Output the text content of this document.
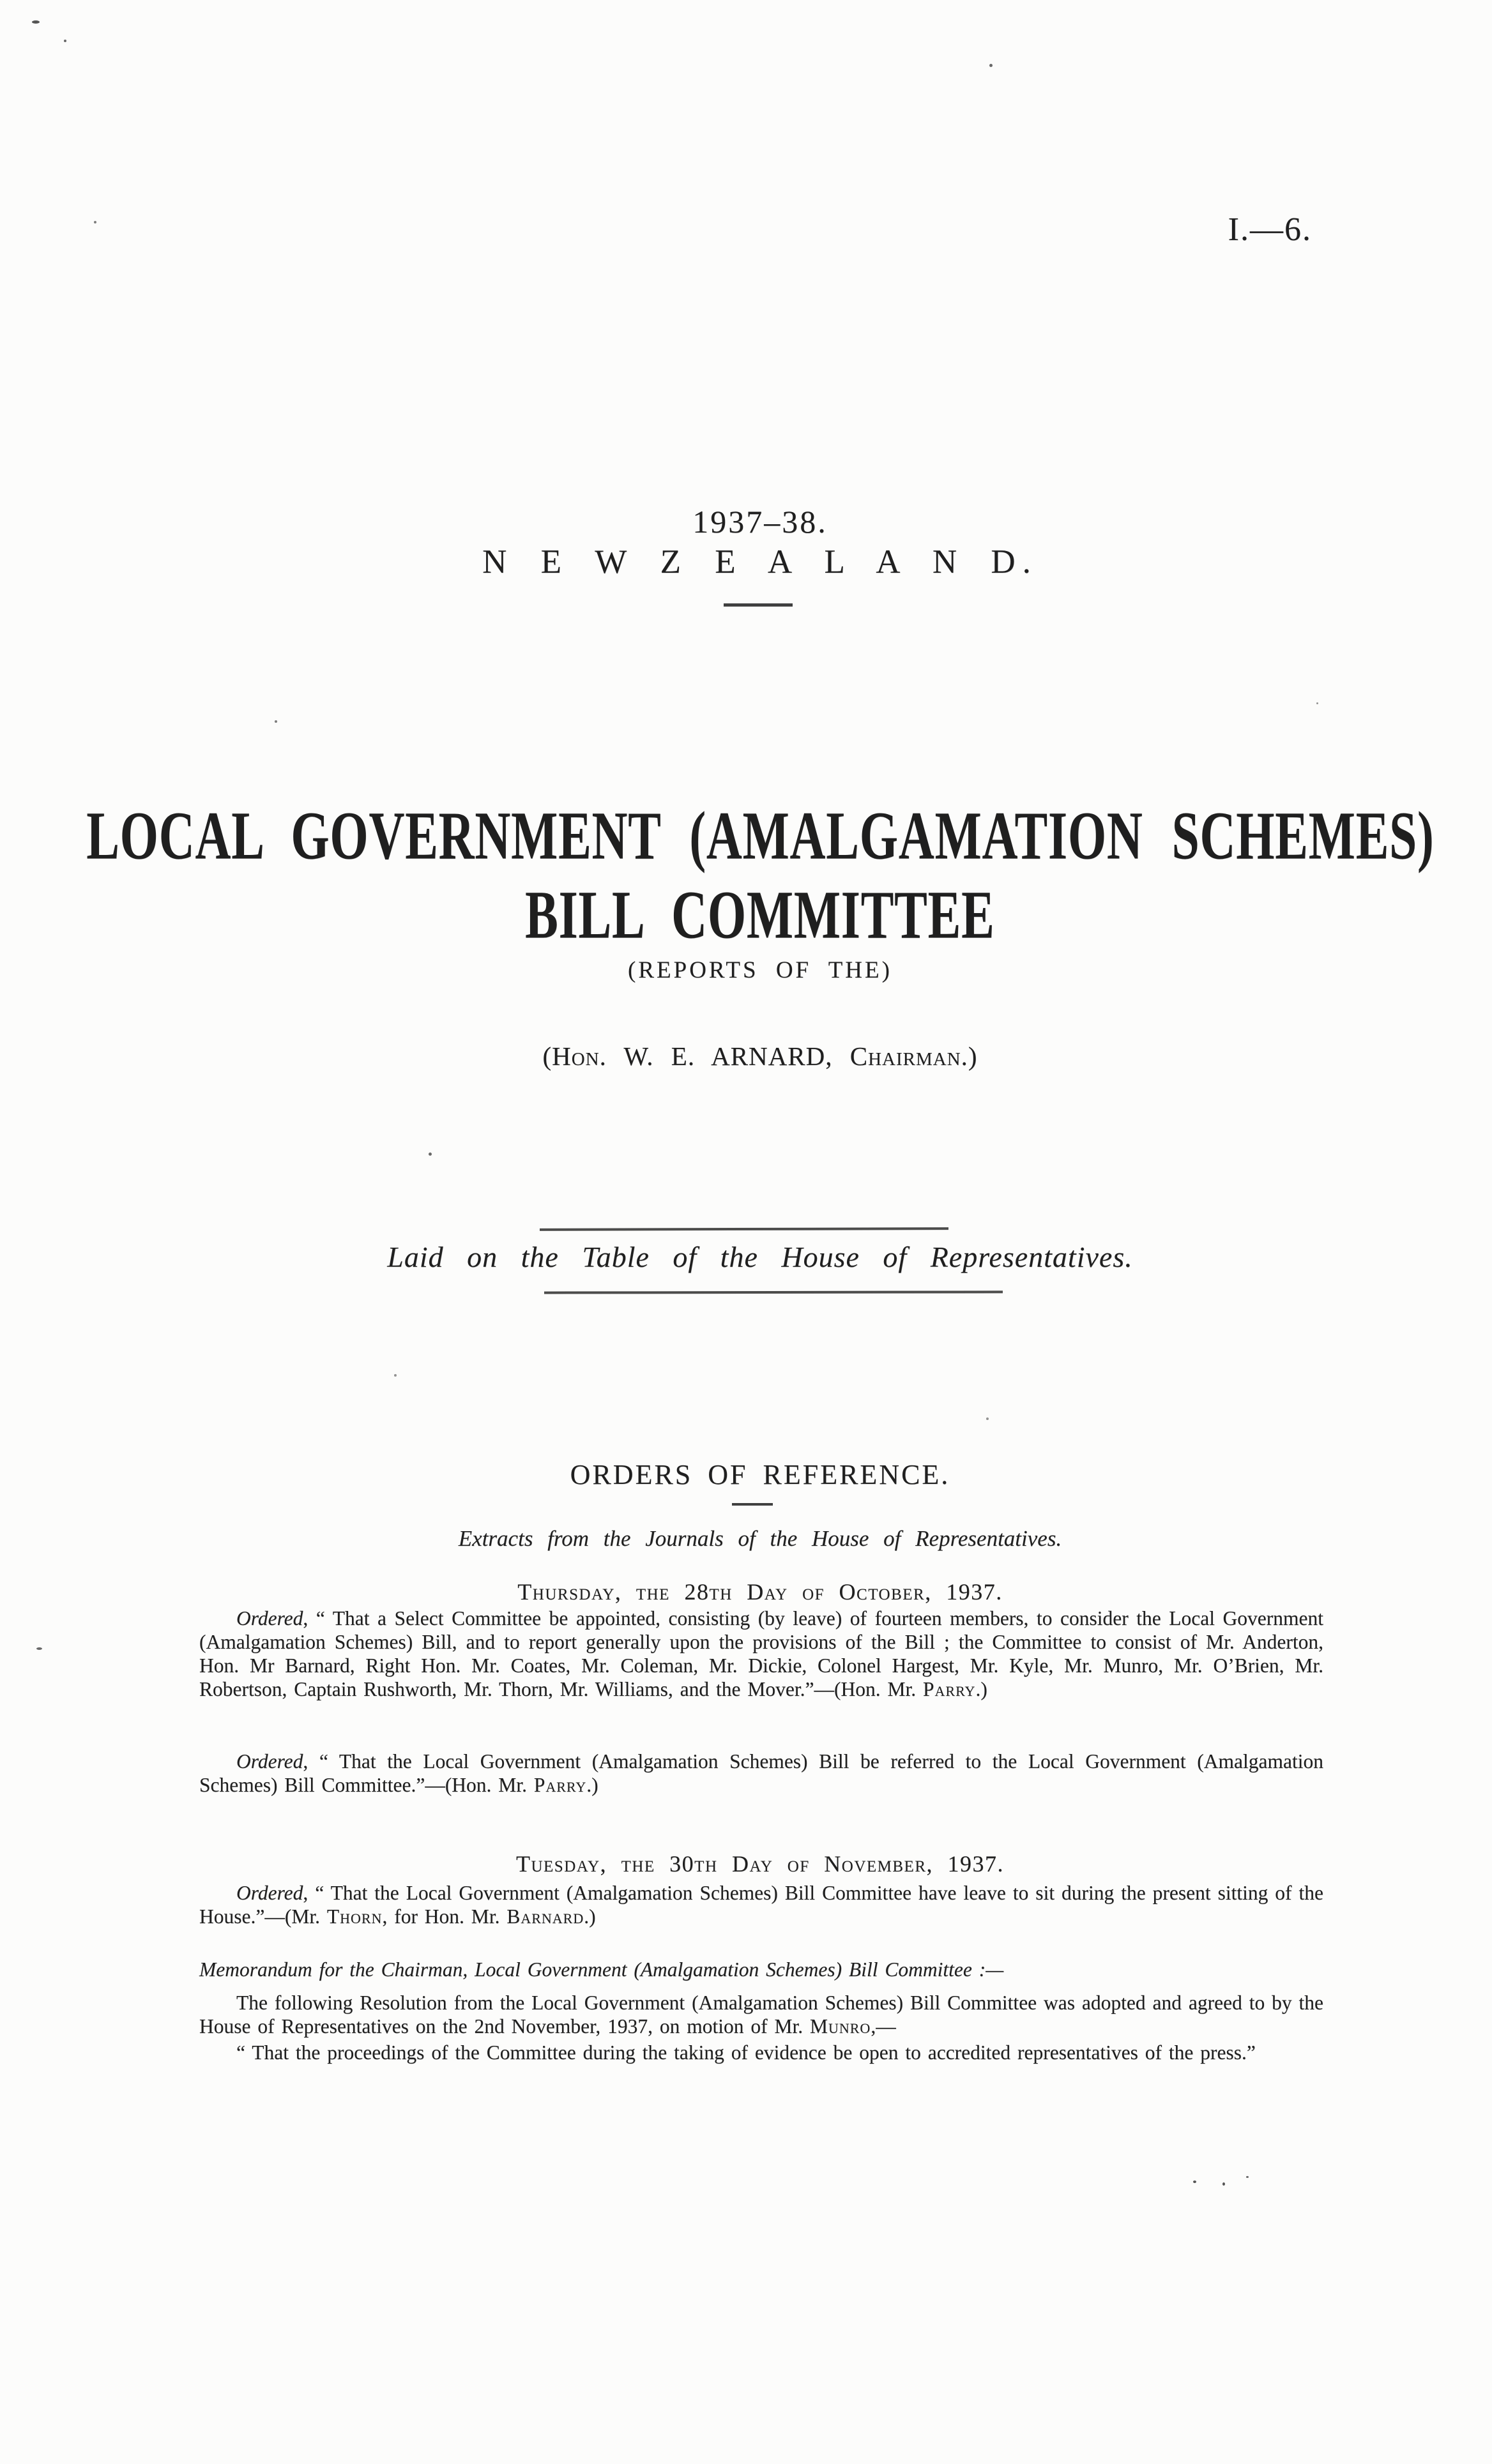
I.—6.
1937–38.
N E W Z E A L A N D.
LOCAL GOVERNMENT (AMALGAMATION SCHEMES)
BILL COMMITTEE
(REPORTS OF THE)
(Hon. W. E. ARNARD, Chairman.)
Laid on the Table of the House of Representatives.
ORDERS OF REFERENCE.
Extracts from the Journals of the House of Representatives.
Thursday, the 28th Day of October, 1937.

Ordered, “ That a Select Committee be appointed, consisting (by leave) of fourteen members, to consider the Local Government (Amalgamation Schemes) Bill, and to report generally upon the provisions of the Bill ; the Committee to consist of Mr. Anderton, Hon. Mr Barnard, Right Hon. Mr. Coates, Mr. Coleman, Mr. Dickie, Colonel Hargest, Mr. Kyle, Mr. Munro, Mr. O’Brien, Mr. Robertson, Captain Rushworth, Mr. Thorn, Mr. Williams, and the Mover.”—(Hon. Mr. Parry.)

Ordered, “ That the Local Government (Amalgamation Schemes) Bill be referred to the Local Government (Amalgamation Schemes) Bill Committee.”—(Hon. Mr. Parry.)

Tuesday, the 30th Day of November, 1937.

Ordered, “ That the Local Government (Amalgamation Schemes) Bill Committee have leave to sit during the present sitting of the House.”—(Mr. Thorn, for Hon. Mr. Barnard.)

Memorandum for the Chairman, Local Government (Amalgamation Schemes) Bill Committee :—

The following Resolution from the Local Government (Amalgamation Schemes) Bill Committee was adopted and agreed to by the House of Representatives on the 2nd November, 1937, on motion of Mr. Munro,—

“ That the proceedings of the Committee during the taking of evidence be open to accredited representatives of the press.”
